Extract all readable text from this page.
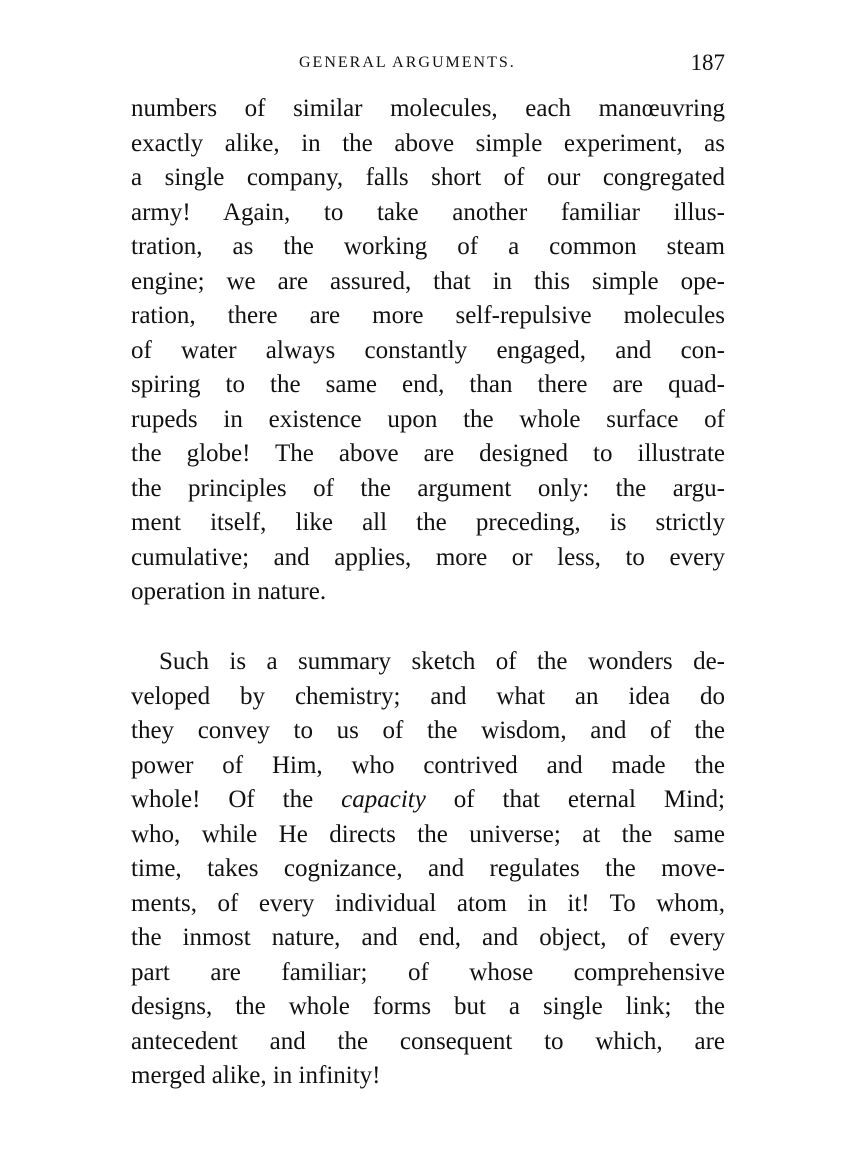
GENERAL ARGUMENTS.	187
numbers of similar molecules, each manœuvring
exactly alike, in the above simple experiment, as
a single company, falls short of our congregated
army! Again, to take another familiar illus-
tration, as the working of a common steam
engine; we are assured, that in this simple ope-
ration, there are more self-repulsive molecules
of water always constantly engaged, and con-
spiring to the same end, than there are quad-
rupeds in existence upon the whole surface of
the globe! The above are designed to illustrate
the principles of the argument only: the argu-
ment itself, like all the preceding, is strictly
cumulative; and applies, more or less, to every
operation in nature.
Such is a summary sketch of the wonders de-
veloped by chemistry; and what an idea do
they convey to us of the wisdom, and of the
power of Him, who contrived and made the
whole! Of the capacity of that eternal Mind;
who, while He directs the universe; at the same
time, takes cognizance, and regulates the move-
ments, of every individual atom in it! To whom,
the inmost nature, and end, and object, of every
part are familiar; of whose comprehensive
designs, the whole forms but a single link; the
antecedent and the consequent to which, are
merged alike, in infinity!
